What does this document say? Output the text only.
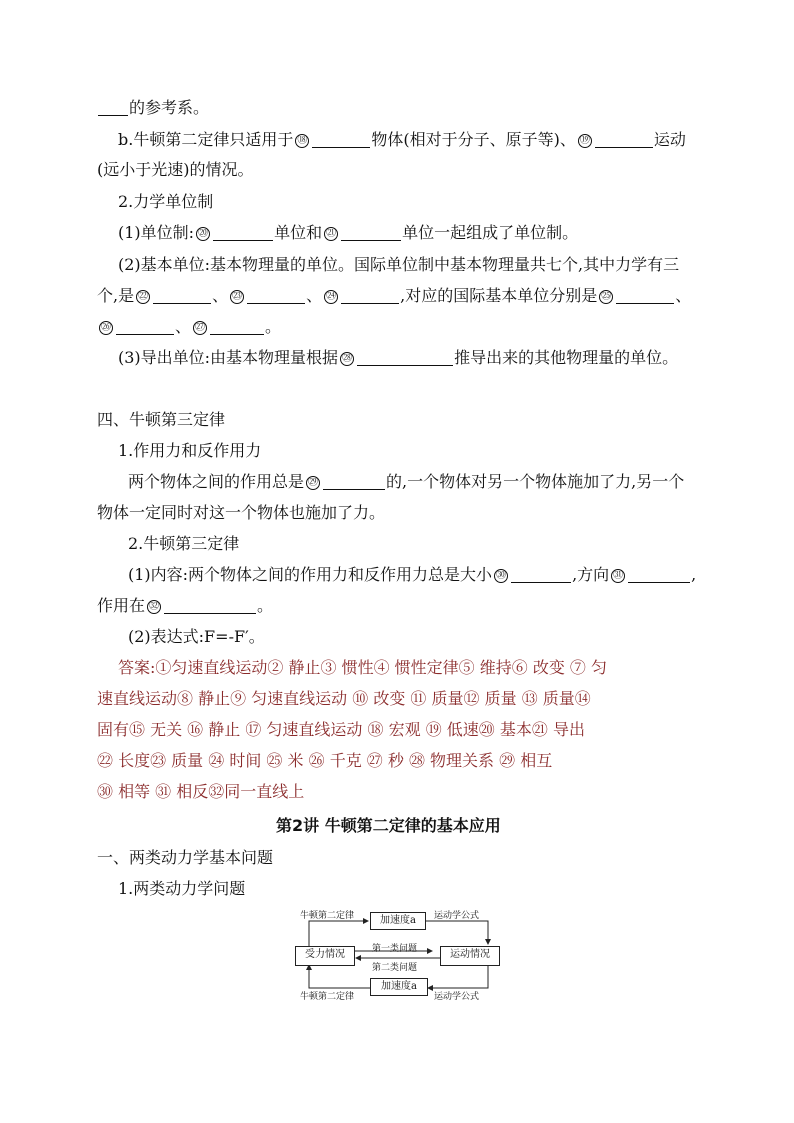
的参考系。
b.牛顿第二定律只适用于 ⑱	物体(相对于分子、原子等)、 ⑲	运动
(远小于光速)的情况。
2.力学单位制
(1)单位制: ⑳	单位和 ㉑	单位一起组成了单位制。
(2)基本单位:基本物理量的单位。国际单位制中基本物理量共七个,其中力学有三
个,是 ㉒	、 ㉓	、 ㉔	,对应的国际基本单位分别是 ㉕	、
㉖	、 ㉗	。
(3)导出单位:由基本物理量根据 ㉘	推导出来的其他物理量的单位。
四、牛顿第三定律
1.作用力和反作用力
两个物体之间的作用总是 ㉙	的,一个物体对另一个物体施加了力,另一个
物体一定同时对这一个物体也施加了力。
2.牛顿第三定律
(1)内容:两个物体之间的作用力和反作用力总是大小 ㉚	,方向 ㉛	,
作用在 ㉜	。
(2)表达式:F=-F′。
答案:①匀速直线运动② 静止③ 惯性④ 惯性定律⑤ 维持⑥ 改变 ⑦ 匀
速直线运动⑧ 静止⑨ 匀速直线运动 ⑩ 改变 ⑪ 质量⑫ 质量 ⑬ 质量⑭
固有⑮ 无关 ⑯ 静止 ⑰ 匀速直线运动 ⑱ 宏观 ⑲ 低速⑳ 基本㉑ 导出
㉒ 长度㉓ 质量 ㉔ 时间 ㉕ 米 ㉖ 千克 ㉗ 秒 ㉘ 物理关系 ㉙ 相互
㉚ 相等 ㉛ 相反㉜同一直线上
第2讲 牛顿第二定律的基本应用
一、两类动力学基本问题
1.两类动力学问题
加速度a
加速度a
受力情况	运动情况
牛顿第二定律	运动学公式
牛顿第二定律	运动学公式
第一类问题
第二类问题
